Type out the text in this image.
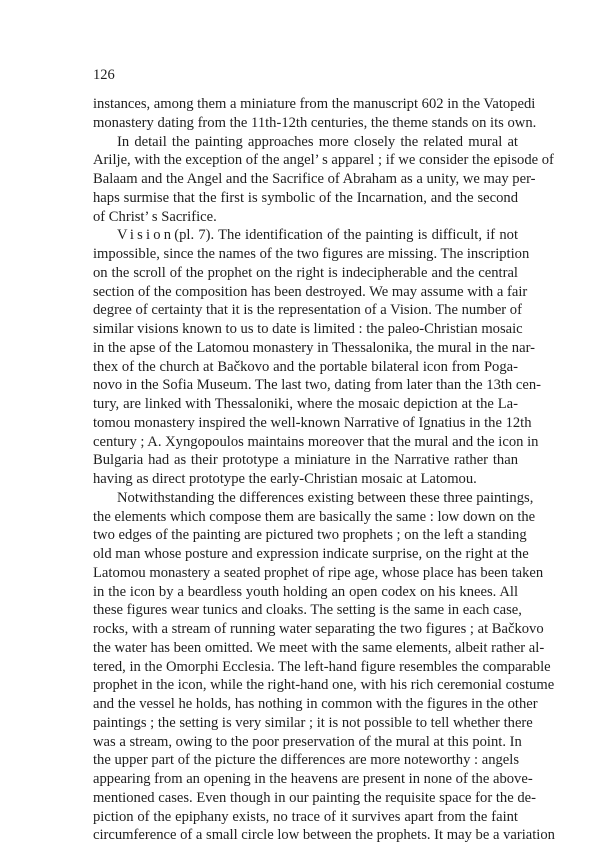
126
instances, among them a miniature from the manuscript 602 in the Vatopedi
monastery dating from the 11th-12th centuries, the theme stands on its own.
In detail the painting approaches more closely the related mural at
Arilje, with the exception of the angel’ s apparel ; if we consider the episode of
Balaam and the Angel and the Sacrifice of Abraham as a unity, we may per-
haps surmise that the first is symbolic of the Incarnation, and the second
of Christ’ s Sacrifice.
Vision(pl. 7). The identification of the painting is difficult, if not
impossible, since the names of the two figures are missing. The inscription
on the scroll of the prophet on the right is indecipherable and the central
section of the composition has been destroyed. We may assume with a fair
degree of certainty that it is the representation of a Vision. The number of
similar visions known to us to date is limited : the paleo-Christian mosaic
in the apse of the Latomou monastery in Thessalonika, the mural in the nar-
thex of the church at Bačkovo and the portable bilateral icon from Poga-
novo in the Sofia Museum. The last two, dating from later than the 13th cen-
tury, are linked with Thessaloniki, where the mosaic depiction at the La-
tomou monastery inspired the well-known Narrative of Ignatius in the 12th
century ; A. Xyngopoulos maintains moreover that the mural and the icon in
Bulgaria had as their prototype a miniature in the Narrative rather than
having as direct prototype the early-Christian mosaic at Latomou.
Notwithstanding the differences existing between these three paintings,
the elements which compose them are basically the same : low down on the
two edges of the painting are pictured two prophets ; on the left a standing
old man whose posture and expression indicate surprise, on the right at the
Latomou monastery a seated prophet of ripe age, whose place has been taken
in the icon by a beardless youth holding an open codex on his knees. All
these figures wear tunics and cloaks. The setting is the same in each case,
rocks, with a stream of running water separating the two figures ; at Bačkovo
the water has been omitted. We meet with the same elements, albeit rather al-
tered, in the Omorphi Ecclesia. The left-hand figure resembles the comparable
prophet in the icon, while the right-hand one, with his rich ceremonial costume
and the vessel he holds, has nothing in common with the figures in the other
paintings ; the setting is very similar ; it is not possible to tell whether there
was a stream, owing to the poor preservation of the mural at this point. In
the upper part of the picture the differences are more noteworthy : angels
appearing from an opening in the heavens are present in none of the above-
mentioned cases. Even though in our painting the requisite space for the de-
piction of the epiphany exists, no trace of it survives apart from the faint
circumference of a small circle low between the prophets. It may be a variation
